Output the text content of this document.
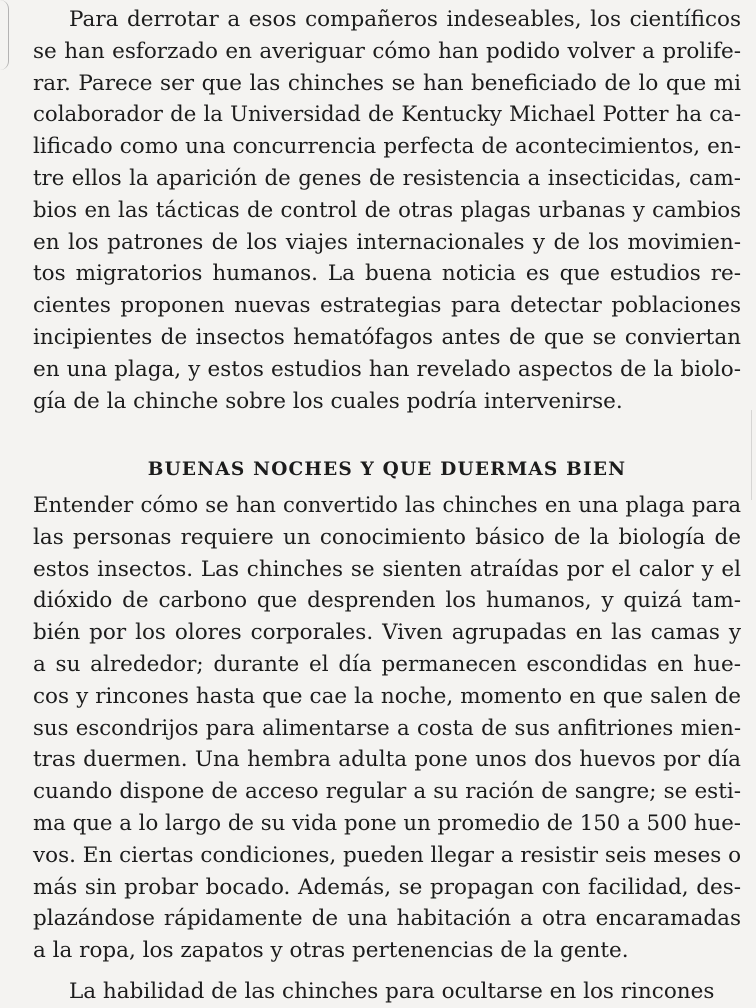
Para derrotar a esos compañeros indeseables, los científicos
se han esforzado en averiguar cómo han podido volver a prolife-
rar. Parece ser que las chinches se han beneficiado de lo que mi
colaborador de la Universidad de Kentucky Michael Potter ha ca-
lificado como una concurrencia perfecta de acontecimientos, en-
tre ellos la aparición de genes de resistencia a insecticidas, cam-
bios en las tácticas de control de otras plagas urbanas y cambios
en los patrones de los viajes internacionales y de los movimien-
tos migratorios humanos. La buena noticia es que estudios re-
cientes proponen nuevas estrategias para detectar poblaciones
incipientes de insectos hematófagos antes de que se conviertan
en una plaga, y estos estudios han revelado aspectos de la biolo-
gía de la chinche sobre los cuales podría intervenirse.
BUENAS NOCHES Y QUE DUERMAS BIEN
Entender cómo se han convertido las chinches en una plaga para
las personas requiere un conocimiento básico de la biología de
estos insectos. Las chinches se sienten atraídas por el calor y el
dióxido de carbono que desprenden los humanos, y quizá tam-
bién por los olores corporales. Viven agrupadas en las camas y
a su alrededor; durante el día permanecen escondidas en hue-
cos y rincones hasta que cae la noche, momento en que salen de
sus escondrijos para alimentarse a costa de sus anfitriones mien-
tras duermen. Una hembra adulta pone unos dos huevos por día
cuando dispone de acceso regular a su ración de sangre; se esti-
ma que a lo largo de su vida pone un promedio de 150 a 500 hue-
vos. En ciertas condiciones, pueden llegar a resistir seis meses o
más sin probar bocado. Además, se propagan con facilidad, des-
plazándose rápidamente de una habitación a otra encaramadas
a la ropa, los zapatos y otras pertenencias de la gente.
La habilidad de las chinches para ocultarse en los rincones
